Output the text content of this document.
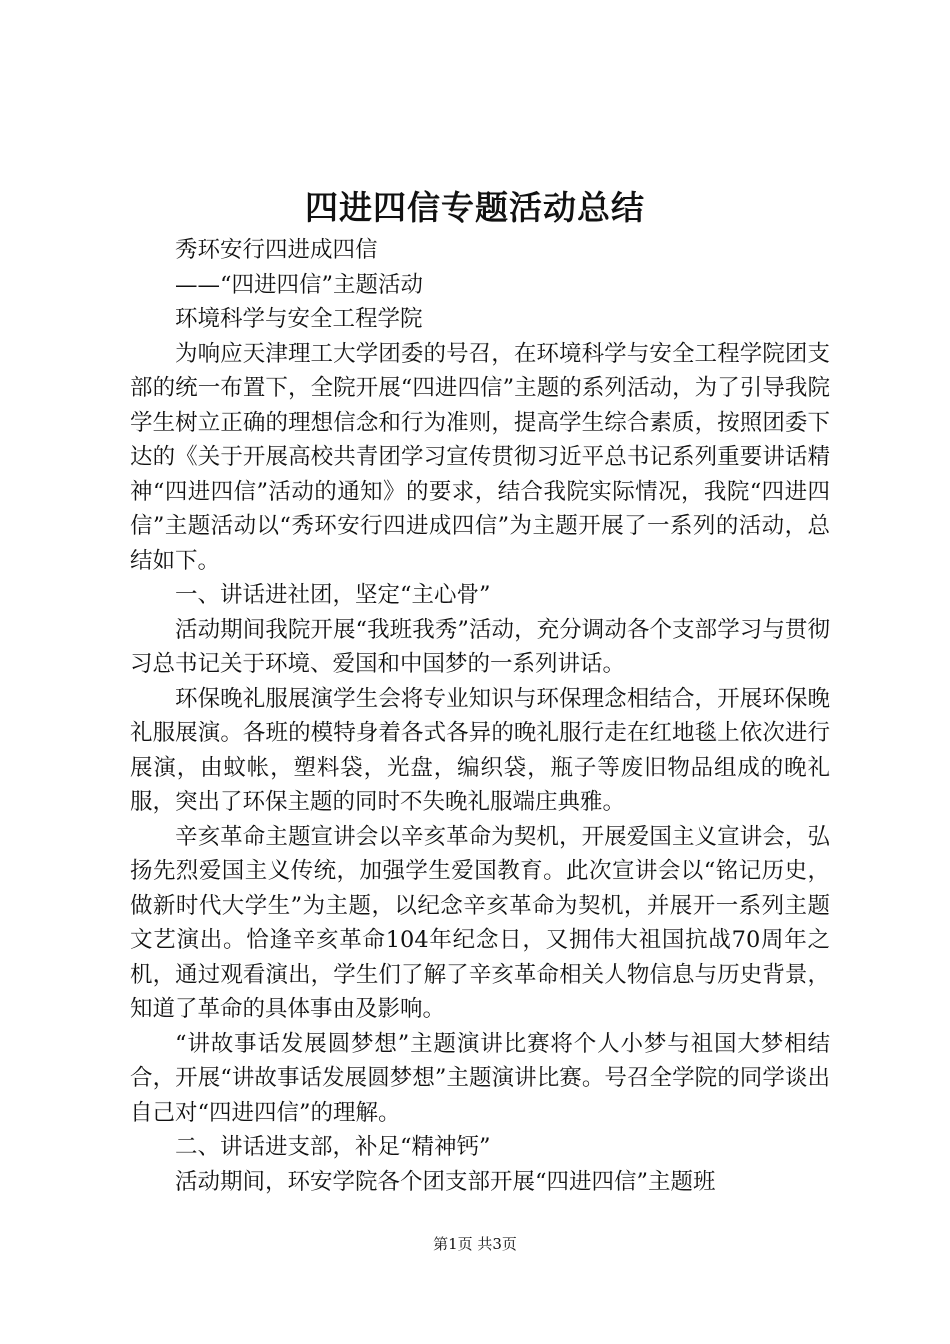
四进四信专题活动总结

秀环安行四进成四信

——“四进四信”主题活动

环境科学与安全工程学院

为响应天津理工大学团委的号召，在环境科学与安全工程学院团支部的统一布置下，全院开展“四进四信”主题的系列活动，为了引导我院学生树立正确的理想信念和行为准则，提高学生综合素质，按照团委下达的《关于开展高校共青团学习宣传贯彻习近平总书记系列重要讲话精神“四进四信”活动的通知》的要求，结合我院实际情况，我院“四进四信”主题活动以“秀环安行四进成四信”为主题开展了一系列的活动，总结如下。

一、讲话进社团，坚定“主心骨”

活动期间我院开展“我班我秀”活动，充分调动各个支部学习与贯彻习总书记关于环境、爱国和中国梦的一系列讲话。

环保晚礼服展演学生会将专业知识与环保理念相结合，开展环保晚礼服展演。各班的模特身着各式各异的晚礼服行走在红地毯上依次进行展演，由蚊帐，塑料袋，光盘，编织袋，瓶子等废旧物品组成的晚礼服，突出了环保主题的同时不失晚礼服端庄典雅。

辛亥革命主题宣讲会以辛亥革命为契机，开展爱国主义宣讲会，弘扬先烈爱国主义传统，加强学生爱国教育。此次宣讲会以“铭记历史，做新时代大学生”为主题，以纪念辛亥革命为契机，并展开一系列主题文艺演出。恰逢辛亥革命104年纪念日，又拥伟大祖国抗战70周年之机，通过观看演出，学生们了解了辛亥革命相关人物信息与历史背景，知道了革命的具体事由及影响。

“讲故事话发展圆梦想”主题演讲比赛将个人小梦与祖国大梦相结合，开展“讲故事话发展圆梦想”主题演讲比赛。号召全学院的同学谈出自己对“四进四信”的理解。

二、讲话进支部，补足“精神钙”

活动期间，环安学院各个团支部开展“四进四信”主题班

第1页 共3页
